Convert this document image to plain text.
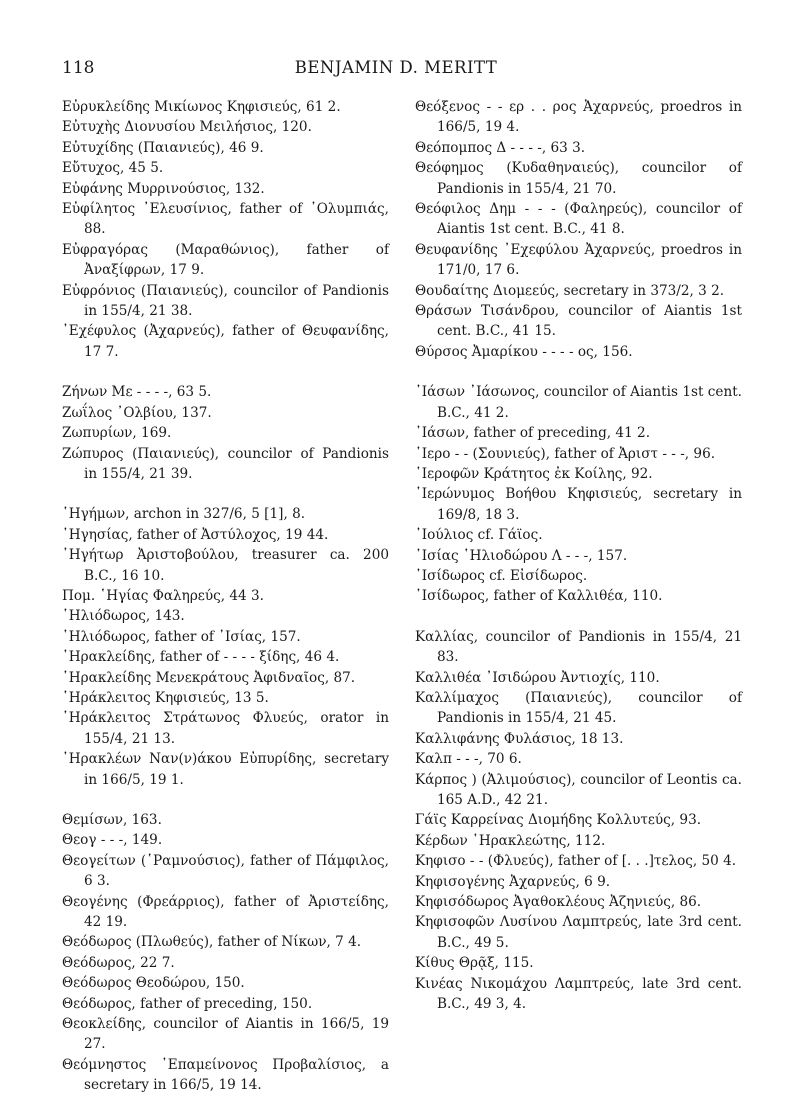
118	BENJAMIN D. MERITT
Εὐρυκλείδης Μικίωνος Κηφισιεύς, 61 2.
Εὐτυχὴς Διονυσίου Μειλήσιος, 120.
Εὐτυχίδης (Παιανιεύς), 46 9.
Εὔτυχος, 45 5.
Εὐφάνης Μυρρινούσιος, 132.
Εὐφίλητος ᾿Ελευσίνιος, father of ᾿Ολυμπιάς, 88.
Εὐφραγόρας (Μαραθώνιος), father of Ἀναξίφρων, 17 9.
Εὐφρόνιος (Παιανιεύς), councilor of Pandionis in 155/4, 21 38.
᾿Εχέφυλος (Ἀχαρνεύς), father of Θευφανίδης, 17 7.
Ζήνων Με - - - -, 63 5.
Ζωΐλος ᾿Ολβίου, 137.
Ζωπυρίων, 169.
Ζώπυρος (Παιανιεύς), councilor of Pandionis in 155/4, 21 39.
῾Ηγήμων, archon in 327/6, 5 [1], 8.
῾Ηγησίας, father of Ἀστύλοχος, 19 44.
῾Ηγήτωρ Ἀριστοβούλου, treasurer ca. 200 B.C., 16 10.
Πομ. ῾Ηγίας Φαληρεύς, 44 3.
῾Ηλιόδωρος, 143.
῾Ηλιόδωρος, father of ᾿Ισίας, 157.
῾Ηρακλείδης, father of - - - - ξίδης, 46 4.
῾Ηρακλείδης Μενεκράτους Ἀφιδναῖος, 87.
῾Ηράκλειτος Κηφισιεύς, 13 5.
῾Ηράκλειτος Στράτωνος Φλυεύς, orator in 155/4, 21 13.
῾Ηρακλέων Ναν(ν)άκου Εὐπυρίδης, secretary in 166/5, 19 1.
Θεμίσων, 163.
Θεογ - - -, 149.
Θεογείτων (῾Ραμνούσιος), father of Πάμφιλος, 6 3.
Θεογένης (Φρεάρριος), father of Ἀριστείδης, 42 19.
Θεόδωρος (Πλωθεύς), father of Νίκων, 7 4.
Θεόδωρος, 22 7.
Θεόδωρος Θεοδώρου, 150.
Θεόδωρος, father of preceding, 150.
Θεοκλείδης, councilor of Aiantis in 166/5, 19 27.
Θεόμνηστος ᾿Επαμείνονος Προβαλίσιος, a secretary in 166/5, 19 14.
Θεόξενος - - ερ . . ρος Ἀχαρνεύς, proedros in 166/5, 19 4.
Θεόπομπος Δ - - - -, 63 3.
Θεόφημος (Κυδαθηναιεύς), councilor of Pandionis in 155/4, 21 70.
Θεόφιλος Δημ - - - (Φαληρεύς), councilor of Aiantis 1st cent. B.C., 41 8.
Θευφανίδης ᾿Εχεφύλου Ἀχαρνεύς, proedros in 171/0, 17 6.
Θουδαίτης Διομεεύς, secretary in 373/2, 3 2.
Θράσων Τισάνδρου, councilor of Aiantis 1st cent. B.C., 41 15.
Θύρσος Ἀμαρίκου - - - - ος, 156.
᾿Ιάσων ᾿Ιάσωνος, councilor of Aiantis 1st cent. B.C., 41 2.
᾿Ιάσων, father of preceding, 41 2.
῾Ιερο - - (Σουνιεύς), father of Ἀριστ - - -, 96.
῾Ιεροφῶν Κράτητος ἐκ Κοίλης, 92.
῾Ιερώνυμος Βοήθου Κηφισιεύς, secretary in 169/8, 18 3.
᾿Ιούλιος cf. Γάϊος.
᾿Ισίας ῾Ηλιοδώρου Λ - - -, 157.
᾿Ισίδωρος cf. Εἰσίδωρος.
᾿Ισίδωρος, father of Καλλιθέα, 110.
Καλλίας, councilor of Pandionis in 155/4, 21 83.
Καλλιθέα ᾿Ισιδώρου Ἀντιοχίς, 110.
Καλλίμαχος (Παιανιεύς), councilor of Pandionis in 155/4, 21 45.
Καλλιφάνης Φυλάσιος, 18 13.
Καλπ - - -, 70 6.
Κάρπος ) (Ἀλιμούσιος), councilor of Leontis ca. 165 A.D., 42 21.
Γάϊς Καρρείνας Διομήδης Κολλυτεύς, 93.
Κέρδων ῾Ηρακλεώτης, 112.
Κηφισο - - (Φλυεύς), father of [. . .]τελος, 50 4.
Κηφισογένης Ἀχαρνεύς, 6 9.
Κηφισόδωρος Ἀγαθοκλέους Ἀζηνιεύς, 86.
Κηφισοφῶν Λυσίνου Λαμπτρεύς, late 3rd cent. B.C., 49 5.
Κίθυς Θρᾷξ, 115.
Κινέας Νικομάχου Λαμπτρεύς, late 3rd cent. B.C., 49 3, 4.
